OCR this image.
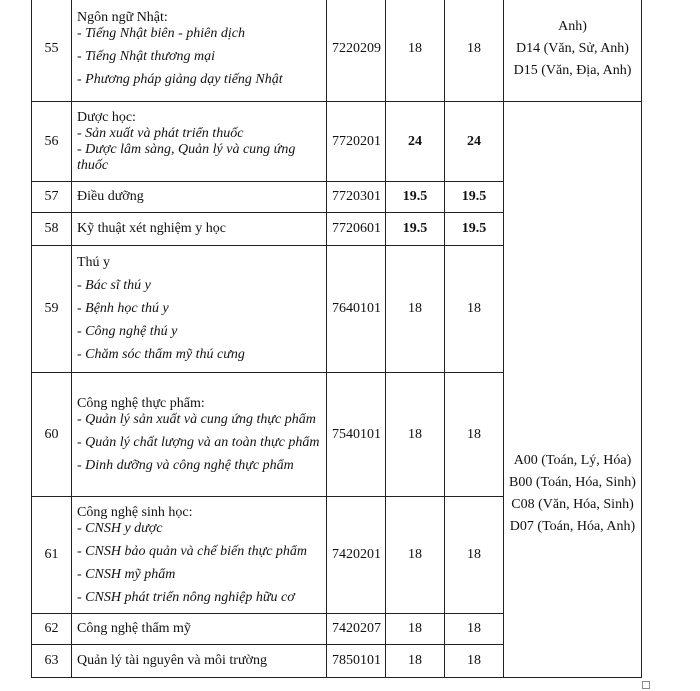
55	Ngôn ngữ Nhật:
- Tiếng Nhật biên - phiên dịch
- Tiếng Nhật thương mại
- Phương pháp giảng dạy tiếng Nhật	7220209	18	18	Anh)
D14 (Văn, Sử, Anh)
D15 (Văn, Địa, Anh)

56	Dược học:
- Sản xuất và phát triển thuốc
- Dược lâm sàng, Quản lý và cung ứng thuốc	7720201	24	24	A00 (Toán, Lý, Hóa)
B00 (Toán, Hóa, Sinh)
C08 (Văn, Hóa, Sinh)
D07 (Toán, Hóa, Anh)

57	Điều dưỡng	7720301	19.5	19.5	
58	Kỹ thuật xét nghiệm y học	7720601	19.5	19.5	
59	Thú y
- Bác sĩ thú y
- Bệnh học thú y
- Công nghệ thú y
- Chăm sóc thẩm mỹ thú cưng	7640101	18	18	
60	Công nghệ thực phẩm:
- Quản lý sản xuất và cung ứng thực phẩm
- Quản lý chất lượng và an toàn thực phẩm
- Dinh dưỡng và công nghệ thực phẩm	7540101	18	18	
61	Công nghệ sinh học:
- CNSH y dược
- CNSH bảo quản và chế biến thực phẩm
- CNSH mỹ phẩm
- CNSH phát triển nông nghiệp hữu cơ	7420201	18	18	
62	Công nghệ thẩm mỹ	7420207	18	18	
63	Quản lý tài nguyên và môi trường	7850101	18	18	
